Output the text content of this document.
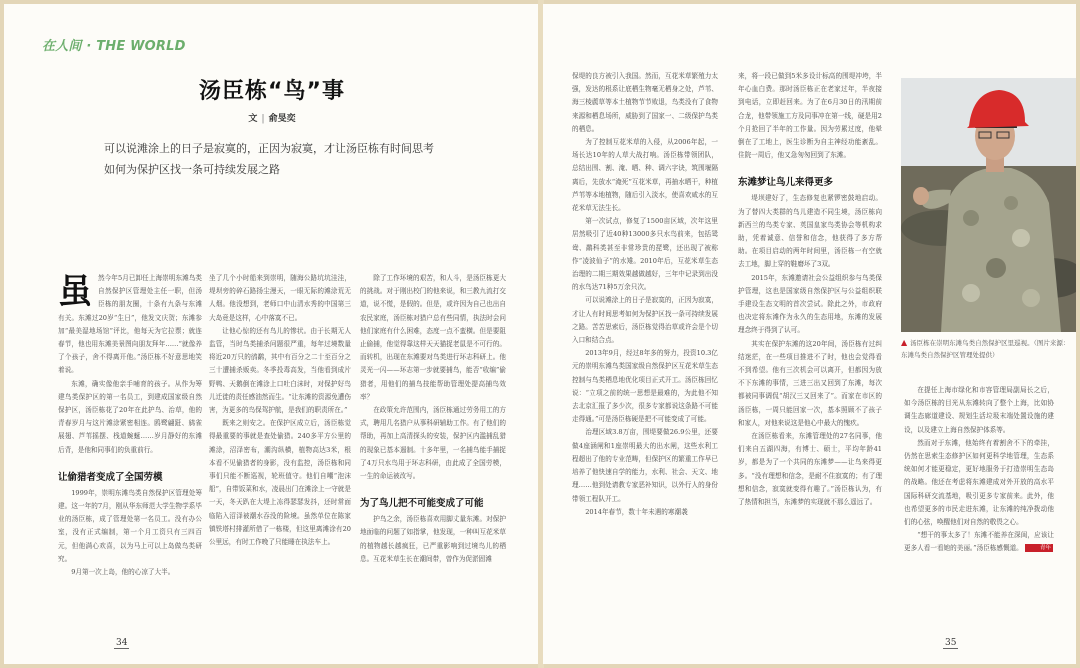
在人间 · THE WORLD
汤臣栋“鸟”事
文 | 俞旻奕

可以说滩涂上的日子是寂寞的，正因为寂寞，才让汤臣栋有时间思考如何为保护区找一条可持续发展之路

虽然今年5月已卸任上海崇明东滩鸟类自然保护区管理处主任一职，但汤臣栋的朋友圈，十条有九条与东滩有关。东滩过20岁“生日”，他发文庆贺；东滩参加“最美湿地场馆”评比，他每天为它拉票；就连春节，他也用东滩美景图向朋友拜年……“就像养了个孩子，舍不得离开他。”汤臣栋不好意思地笑着说。

东滩，确实像他亲手哺育的孩子。从作为筹建鸟类保护区的第一名员工，到建成国家级自然保护区，汤臣栋花了20年在此护鸟、治草，他的青春岁月与这片滩涂紧密相连。鸥鹭翩跹、鸫雀展翅、芦苇摇摆、栈道蜿蜒……岁月静好的东滩后背，是他和同事们的负重前行。

让偷猎者变成了全国劳模

1999年，崇明东滩鸟类自然保护区管理处筹建。这一年的7月，刚从华东师范大学生物学系毕业的汤臣栋，成了管理处第一名员工。没有办公室，没有正式编制，第一个月工资只有三四百元，但他满心欢喜，以为马上可以上岛做鸟类研究。

9月第一次上岛，他的心凉了大半。

坐了几个小时船来到崇明，随海公路坑坑洼洼，堤坝旁的碎石路扬尘漫天，一眼无际的滩涂荒无人烟。他没想到，老师口中山清水秀的中国第三大岛竟是这样，心中落寞不已。

让他心惊的还有鸟儿的惨状。由于长期无人监管，当时鸟类捕杀问题很严重，每年过境数量将近20万只的鸻鹬，其中有百分之二十至百分之三十遭捕杀贩卖。冬季投毒高发，当他看到成片野鸭、天鹅倒在滩涂上口吐白沫时，对保护好鸟儿迁徙的责任感油然而生。“让东滩的资源免遭伤害，为更多的鸟保驾护航，是我们的职责所在。”

既来之则安之。在保护区成立后，汤臣栋觉得最重要的事就是查处偷猎。240多平方公里的滩涂，沼泽密布，潮沟纵横，植物高达3米，根本看不见偷猎者的身影，没有监控，汤臣栋和同事们只能不断巡视，轮班值守。他们自嘲“泡沫船”，自带饭菜和水，凌晨出门在滩涂上一守就是一天，冬天趴在大堤上冻得瑟瑟发抖，还时常面临陷入沼泽被潮水吞没的险境。虽然单位在陈家镇铁塔村排灌所借了一栋楼，但这里离滩涂有20公里远，有时工作晚了只能睡在执法车上。

除了工作环境的艰苦，和人斗，是汤臣栋更大的挑战。对于刚出校门的他来说，和三教九流打交道，说不慌，是假的。但是，或许因为自己也出自农民家庭，汤臣栋对猎户总有些同情，执法时会问他们家庭有什么困难，态度一点不蛮横。但是要阻止偷捕，他觉得靠这样天天猫捉老鼠是不可行的。而转机，出现在东滩要对鸟类进行环志科研上。他灵光一闪——环志第一步就要捕鸟，能否“收编”偷猎者，用他们的捕鸟技能帮助管理处提高捕鸟效率？

在政策允许范围内，汤臣栋通过劳务用工的方式，聘用几名猎户从事科研辅助工作。有了他们的帮助，再加上高清探头的安装，保护区内滥捕乱猎的现象已基本遏制。十多年里，一名捕鸟能手捕捉了4万只水鸟用于环志科研，由此成了全国劳模，一生的命运被改写。

为了鸟儿把不可能变成了可能

护鸟之余，汤臣栋喜欢用脚丈量东滩。对保护地面临的问题了如指掌，他发现，一种叫互花米草的植物越长越疯狂，已严重影响到过境鸟儿的栖息。互花米草生长在潮间带，曾作为促淤固滩

34

保堤的良方被引入我国。然而，互花米草繁殖力太强，发达的根系让底栖生物毫无栖身之处，芦苇、海三棱藨草等本土植物节节败退，鸟类没有了食物来源和栖息场所，威胁到了国家一、二级保护鸟类的栖息。

为了控制互花米草的入侵，从2006年起，一场长达10年的人草大战打响。汤臣栋带领团队，总结出围、割、淹、晒、种、调六字诀，筑围堰隔离后，先放水“淹死”互花米草，再抽水晒干，种植芦苇等本地植物，随后引入淡水，使喜欢咸水的互花米草无法生长。

第一次试点，修复了1500亩区域，次年这里居然吸引了近40种13000多只水鸟前来，包括鸳鸯、鹬科类甚至非常珍贵的琵鹭，还出现了被称作“凌波仙子”的水雉。2010年后，互花米草生态治理的二期三期效果越做越好，三年中记录到出没的水鸟达71种5万余只次。

可以说滩涂上的日子是寂寞的，正因为寂寞，才让人有时间思考如何为保护区找一条可持续发展之路。苦苦思索后，汤臣栋觉得治草或许会是个切入口和结合点。

2013年9月，经过8年多的努力，投资10.3亿元的崇明东滩鸟类国家级自然保护区互花米草生态控制与鸟类栖息地优化项目正式开工。汤臣栋回忆说：“立项之前的统一思想是最难的，为此他不知去北京汇报了多少次，很多专家都说这条路不可能走得通。”可是汤臣栋硬是把不可能变成了可能。

治理区域3.8万亩，围堤要做26.9公里，还要做4座涵闸和1座崇明最大的出水闸，这些水利工程超出了他的专业范畴，但保护区的繁重工作早已培养了他快速自学的能力，水利、社会、天文、地理……他到处请教专家恶补知识，以外行人的身份带领工程队开工。

2014年春节，数十年未遇的寒潮袭

来，将一段已做到5米多设计标高的围堤冲垮，半年心血白费。那时汤臣栋正在老家过年，半夜接到电话，立即赶回来。为了在6月30日的汛期前合龙，他带领施工方及同事冲在第一线，硬是用2个月抢回了半年的工作量。因为劳累过度，他晕倒在了工地上，医生诊断为自主神经功能紊乱。住院一周后，他又急匆匆回到了东滩。

东滩梦让鸟儿来得更多

堤坝建好了，生态修复也紧锣密鼓地启动。为了替四大类群的鸟儿建造不同生境，汤臣栋向新西兰的鸟类专家、英国皇家鸟类协会等机构求助，凭着诚意、信誉和信念，他获得了多方帮助。在项目启动的两年时间里，汤臣栋一有空就去工地，脚上穿的鞋磨坏了3双。

2015年，东滩邀请社会公益组织参与鸟类保护管理，这也是国家级自然保护区与公益组织联手建设生态文明的首次尝试。除此之外，市政府也决定将东滩作为永久的生态用地，东滩的发展理念终于得到了认可。

其实在保护东滩的这20年间，汤臣栋有过纠结迷茫，在一些项目推进不了时，他也会觉得看不到希望。他有三次机会可以离开，但都因为放不下东滩的事情，三进三出又回到了东滩，每次都被同事调侃“胡汉三又回来了”。而家在市区的汤臣栋，一周只能回家一次，基本照顾不了孩子和家人，对他来说这是他心中最大的愧疚。

在汤臣栋看来，东滩管理处的27名同事，他们来自五湖四海，有博士、硕士，平均年龄41岁，都是为了一个共同的东滩梦——让鸟来得更多。“没有理想和信念，是耐不住寂寞的；有了理想和信念，寂寞就变得有趣了。”汤臣栋认为，有了热情和担当，东滩梦的实现就不那么遥远了。

▲ 汤臣栋在崇明东滩鸟类自然保护区里巡视。（图片来源：东滩鸟类自然保护区管理处提供）

在提任上海市绿化和市容管理局副局长之后，如今汤臣栋的目光从东滩转向了整个上海，比如协调生态廊道建设、规划生活垃圾末端处置设施的建设，以及建立上海自然保护体系等。

然而对于东滩，他始终有着割舍不下的牵挂，仍然在思索生态修护区如何更科学地管理，生态系统如何才能更稳定，更好地服务于打造崇明生态岛的战略。他还在考虑将东滩建成对外开放的高水平国际科研交流基地，吸引更多专家前来。此外，他也希望更多的市民走进东滩，让东滩的纯净拨动他们的心弦，唤醒他们对自然的敬畏之心。

“想干的事太多了！东滩不能养在深闺，应该让更多人看一看她的美丽。”汤臣栋感慨道。	青年

35
